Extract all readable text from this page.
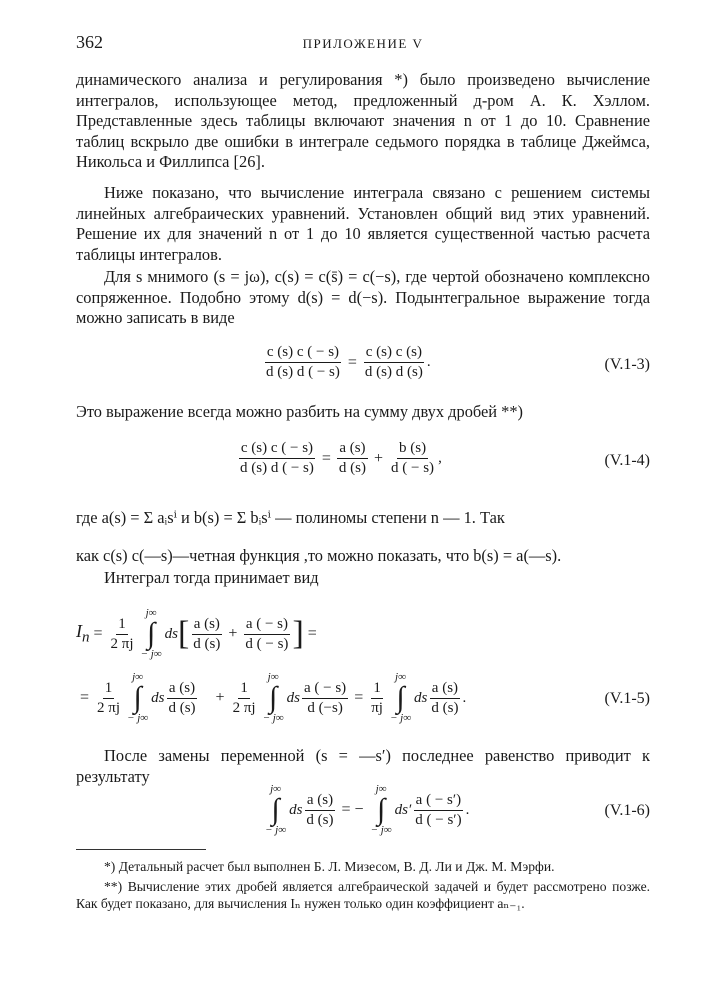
362	ПРИЛОЖЕНИЕ V
динамического анализа и регулирования *) было произведено вычисление интегралов, использующее метод, предложенный д-ром А. К. Хэллом. Представленные здесь таблицы включают значения n от 1 до 10. Сравнение таблиц вскрыло две ошибки в интеграле седьмого порядка в таблице Джеймса, Никольса и Филлипса [26].
Ниже показано, что вычисление интеграла связано с решением системы линейных алгебраических уравнений. Установлен общий вид этих уравнений. Решение их для значений n от 1 до 10 является существенной частью расчета таблицы интегралов.
Для s мнимого (s = jω), c(s) = c(s̄) = c(−s), где чертой обозначено комплексно сопряженное. Подобно этому d(s) = d(−s). Подынтегральное выражение тогда можно записать в виде
$\frac{c (s) c ( - s)}{d (s) d ( - s)} = \frac{c (s) c (s)}{d (s) d (s)}$ .	(V.1-3)
Это выражение всегда можно разбить на сумму двух дробей **)
$\frac{c (s) c ( - s)}{d (s) d ( - s)} = \frac{a (s)}{d (s)} + \frac{b (s)}{d ( - s)}$ ,	(V.1-4)
где a(s) = Σ aᵢsⁱ и b(s) = Σ bᵢsⁱ — полиномы степени n — 1. Так
как c(s) c(—s)—четная функция ,то можно показать, что b(s) = a(—s).
Интеграл тогда принимает вид
$I_n = \frac{1}{2 \pi j}$
j∞
∫
− j∞
ds [ $\frac{a (s)}{d (s)} + \frac{a ( - s)}{d ( - s)}$ ] =
= $\frac{1}{2 \pi j}$
j∞
∫
− j∞
ds $\frac{a (s)}{d (s)} + \frac{1}{2 \pi j}$
j∞
∫
− j∞
ds $\frac{a ( - s)}{d (-s)} = \frac{1}{\pi j}$
j∞
∫
− j∞
ds $\frac{a (s)}{d (s)}$ .	(V.1-5)
После замены переменной (s = —s′) последнее равенство приводит к результату
j∞
∫
− j∞
ds $\frac{a (s)}{d (s)}$ = −
j∞
∫
− j∞
$ds' \frac{a ( - s')}{d ( - s')}$ .	(V.1-6)
*) Детальный расчет был выполнен Б. Л. Мизесом, В. Д. Ли и Дж. М. Мэрфи.
**) Вычисление этих дробей является алгебраической задачей и будет рассмотрено позже. Как будет показано, для вычисления Iₙ нужен только один коэффициент aₙ₋₁.
